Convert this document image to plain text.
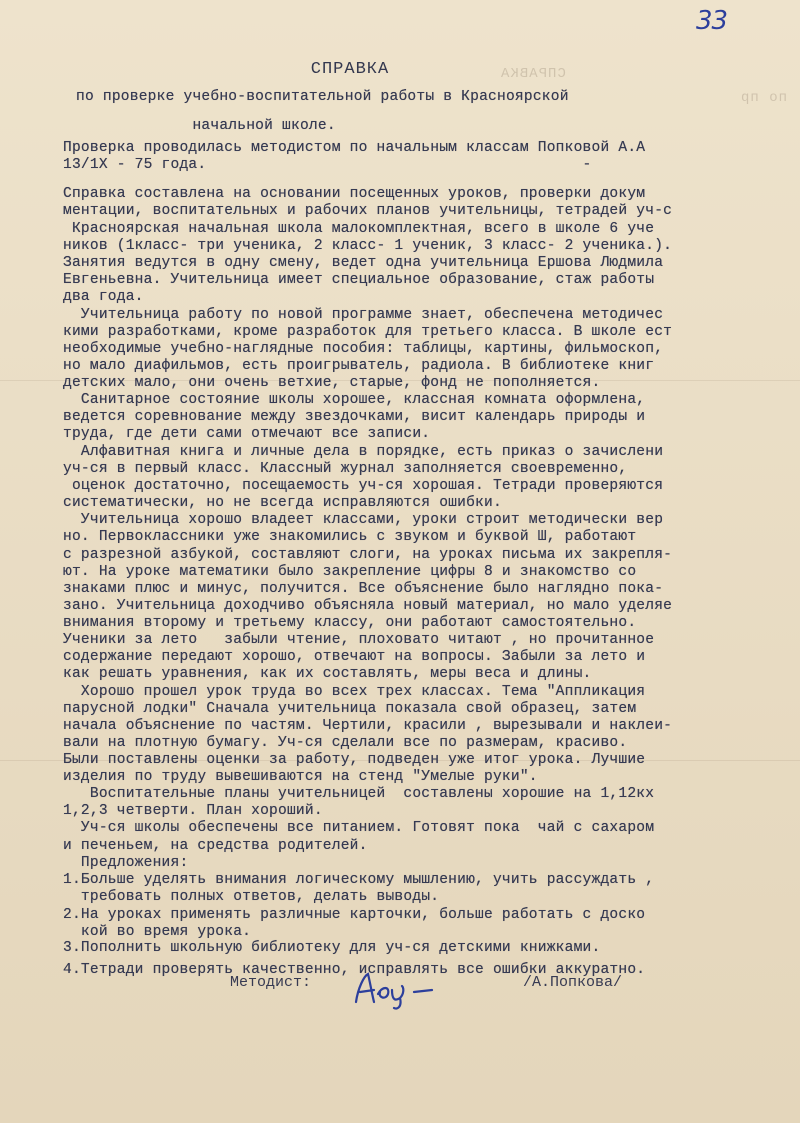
33
СПРАВКА
по пр
СПРАВКА
по проверке учебно-воспитательной работы в Красноярской
начальной школе.
Проверка проводилась методистом по начальным классам Попковой А.А
13/1Х - 75 года.                                          -
Справка составлена на основании посещенных уроков, проверки докум
ментации, воспитательных и рабочих планов учительницы, тетрадей уч-с
Красноярская начальная школа малокомплектная, всего в школе 6 уче
ников (1класс- три ученика, 2 класс- 1 ученик, 3 класс- 2 ученика.).
Занятия ведутся в одну смену, ведет одна учительница Ершова Людмила
Евгеньевна. Учительница имеет специальное образование, стаж работы
два года.
Учительница работу по новой программе знает, обеспечена методичес
кими разработками, кроме разработок для третьего класса. В школе ест
необходимые учебно-наглядные пособия: таблицы, картины, фильмоскоп,
но мало диафильмов, есть проигрыватель, радиола. В библиотеке книг
детских мало, они очень ветхие, старые, фонд не пополняется.
Санитарное состояние школы хорошее, классная комната оформлена,
ведется соревнование между звездочками, висит календарь природы и
труда, где дети сами отмечают все записи.
Алфавитная книга и личные дела в порядке, есть приказ о зачислени
уч-ся в первый класс. Классный журнал заполняется своевременно,
оценок достаточно, посещаемость уч-ся хорошая. Тетради проверяются
систематически, но не всегда исправляются ошибки.
Учительница хорошо владеет классами, уроки строит методически вер
но. Первоклассники уже знакомились с звуком и буквой Ш, работают
с разрезной азбукой, составляют слоги, на уроках письма их закрепля-
ют. На уроке математики было закрепление цифры 8 и знакомство со
знаками плюс и минус, получится. Все объяснение было наглядно пока-
зано. Учительница доходчиво объясняла новый материал, но мало уделяе
внимания второму и третьему классу, они работают самостоятельно.
Ученики за лето   забыли чтение, плоховато читают , но прочитанное
содержание передают хорошо, отвечают на вопросы. Забыли за лето и
как решать уравнения, как их составлять, меры веса и длины.
Хорошо прошел урок труда во всех трех классах. Тема "Аппликация
парусной лодки" Сначала учительница показала свой образец, затем
начала объяснение по частям. Чертили, красили , вырезывали и наклеи-
вали на плотную бумагу. Уч-ся сделали все по размерам, красиво.
Были поставлены оценки за работу, подведен уже итог урока. Лучшие
изделия по труду вывешиваются на стенд "Умелые руки".
Воспитательные планы учительницей  составлены хорошие на 1,12кх
1,2,3 четверти. План хороший.
Уч-ся школы обеспечены все питанием. Готовят пока  чай с сахаром
и печеньем, на средства родителей.
Предложения:
1.Больше уделять внимания логическому мышлению, учить рассуждать ,
требовать полных ответов, делать выводы.
2.На уроках применять различные карточки, больше работать с доско
кой во время урока.
3.Пополнить школьную библиотеку для уч-ся детскими книжками.
4.Тетради проверять качественно, исправлять все ошибки аккуратно.
Методист:	/А.Попкова/
